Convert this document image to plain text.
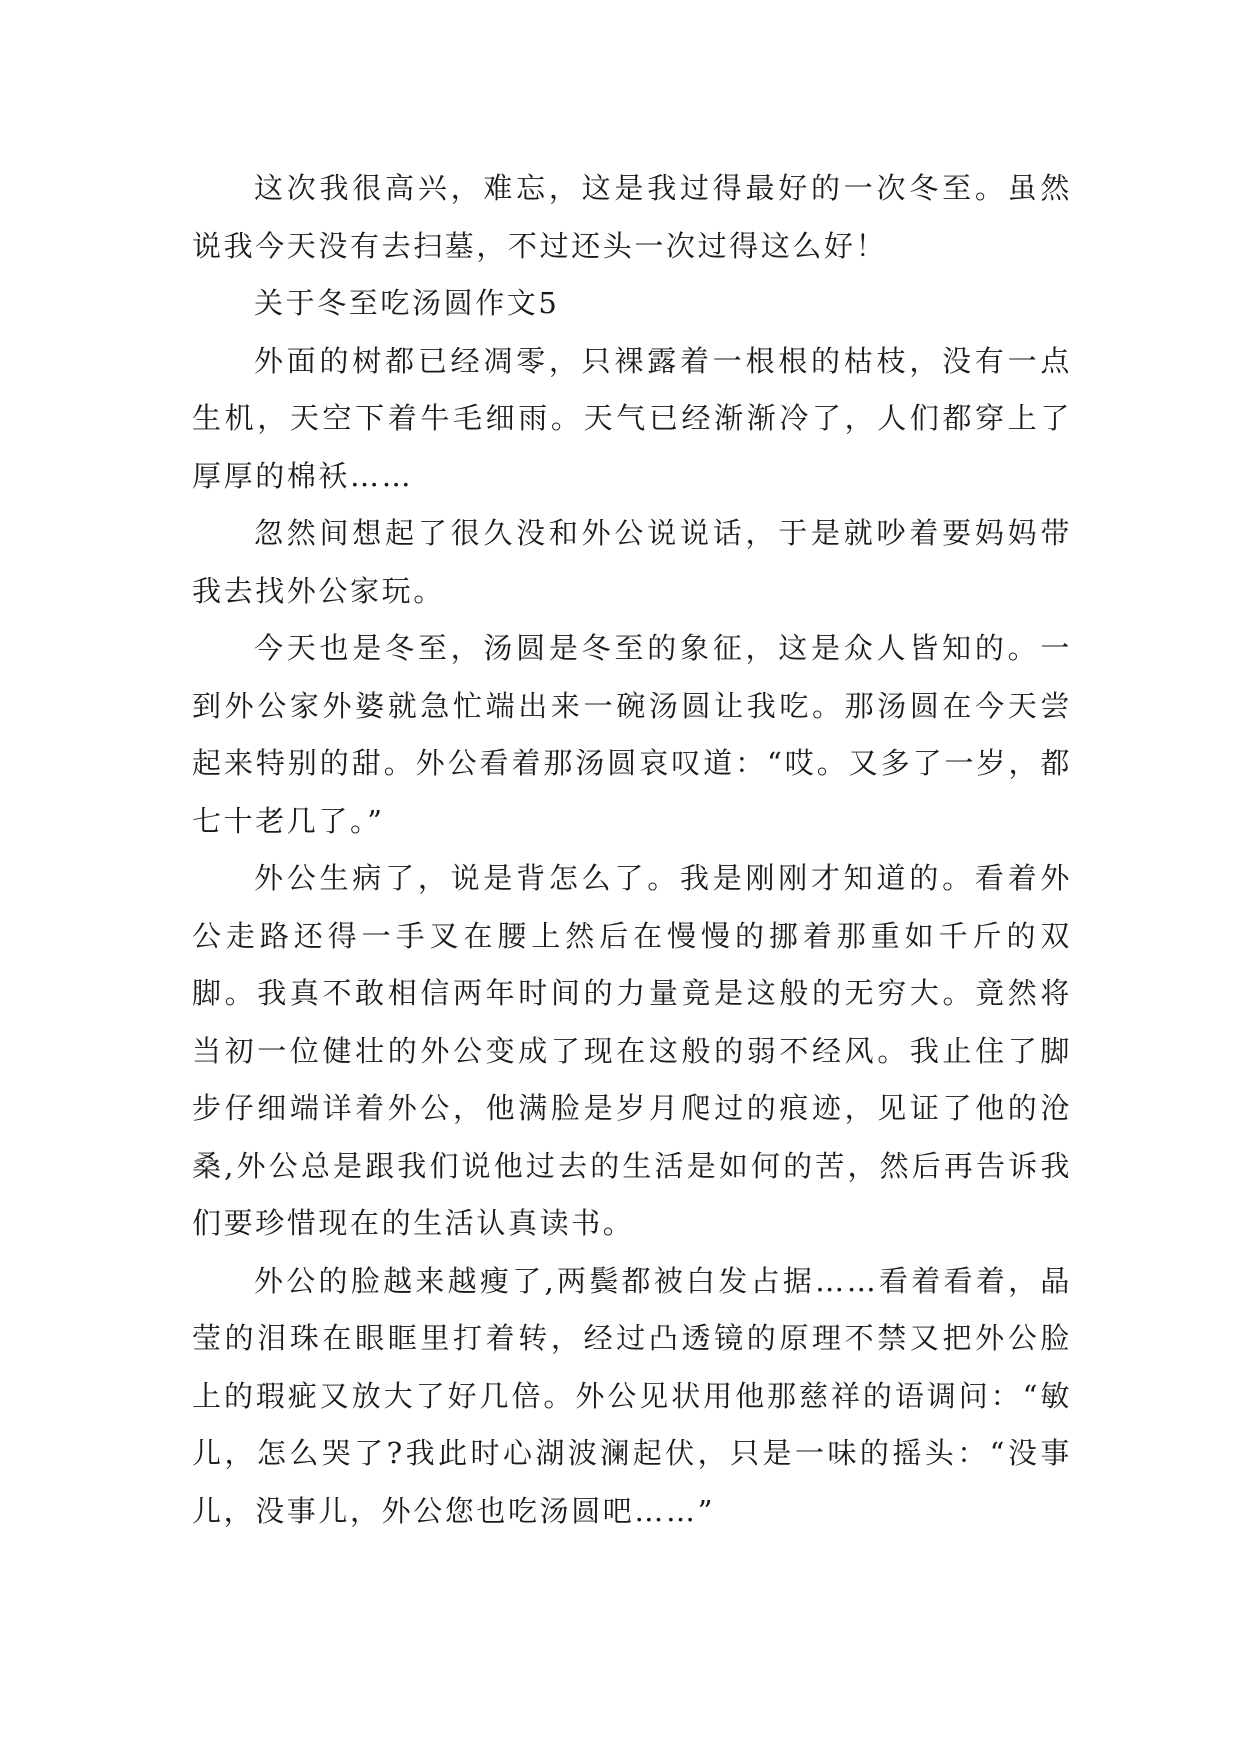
这次我很高兴，难忘，这是我过得最好的一次冬至。虽然说我今天没有去扫墓，不过还头一次过得这么好！

关于冬至吃汤圆作文5

外面的树都已经凋零，只裸露着一根根的枯枝，没有一点生机，天空下着牛毛细雨。天气已经渐渐冷了，人们都穿上了厚厚的棉袄……

忽然间想起了很久没和外公说说话，于是就吵着要妈妈带我去找外公家玩。

今天也是冬至，汤圆是冬至的象征，这是众人皆知的。一到外公家外婆就急忙端出来一碗汤圆让我吃。那汤圆在今天尝起来特别的甜。外公看着那汤圆哀叹道：“哎。又多了一岁，都七十老几了。”

外公生病了，说是背怎么了。我是刚刚才知道的。看着外公走路还得一手叉在腰上然后在慢慢的挪着那重如千斤的双脚。我真不敢相信两年时间的力量竟是这般的无穷大。竟然将当初一位健壮的外公变成了现在这般的弱不经风。我止住了脚步仔细端详着外公，他满脸是岁月爬过的痕迹，见证了他的沧桑,外公总是跟我们说他过去的生活是如何的苦，然后再告诉我们要珍惜现在的生活认真读书。

外公的脸越来越瘦了,两鬓都被白发占据……看着看着，晶莹的泪珠在眼眶里打着转，经过凸透镜的原理不禁又把外公脸上的瑕疵又放大了好几倍。外公见状用他那慈祥的语调问：“敏儿，怎么哭了?我此时心湖波澜起伏，只是一味的摇头：“没事儿，没事儿，外公您也吃汤圆吧……”
